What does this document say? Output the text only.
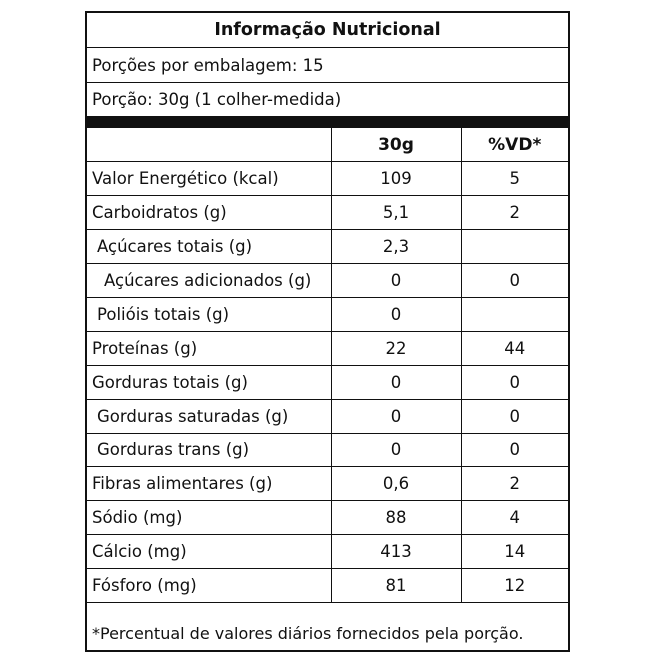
Informação Nutricional
Porções por embalagem: 15
Porção: 30g (1 colher-medida)
	30g	%VD*
Valor Energético (kcal)	109	5
Carboidratos (g)	5,1	2
Açúcares totais (g)	2,3	
Açúcares adicionados (g)	0	0
Polióis totais (g)	0	
Proteínas (g)	22	44
Gorduras totais (g)	0	0
Gorduras saturadas (g)	0	0
Gorduras trans (g)	0	0
Fibras alimentares (g)	0,6	2
Sódio (mg)	88	4
Cálcio (mg)	413	14
Fósforo (mg)	81	12
*Percentual de valores diários fornecidos pela porção.
